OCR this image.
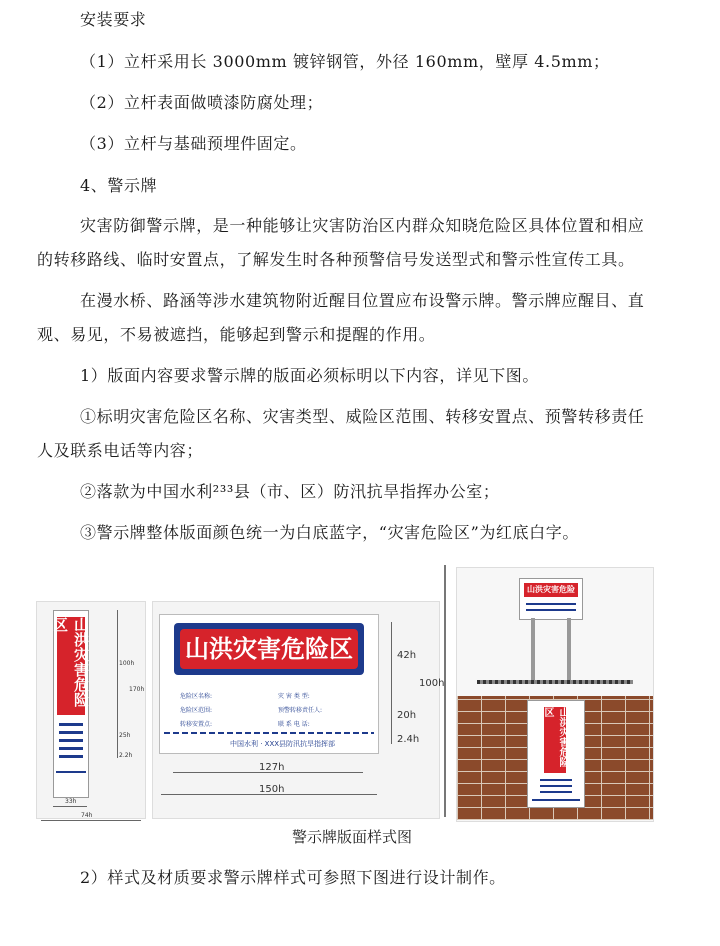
安装要求
（1）立杆采用长 3000mm 镀锌钢管，外径 160mm，壁厚 4.5mm；
（2）立杆表面做喷漆防腐处理；
（3）立杆与基础预埋件固定。
4、警示牌
灾害防御警示牌，是一种能够让灾害防治区内群众知晓危险区具体位置和相应
的转移路线、临时安置点，了解发生时各种预警信号发送型式和警示性宣传工具。
在漫水桥、路涵等涉水建筑物附近醒目位置应布设警示牌。警示牌应醒目、直
观、易见，不易被遮挡，能够起到警示和提醒的作用。
1）版面内容要求警示牌的版面必须标明以下内容，详见下图。
①标明灾害危险区名称、灾害类型、威险区范围、转移安置点、预警转移责任
人及联系电话等内容；
②落款为中国水利²³³县（市、区）防汛抗旱指挥办公室；
③警示牌整体版面颜色统一为白底蓝字，“灾害危险区”为红底白字。
山洪灾害危险区
100h
170h
25h
2.2h
33h
74h
山洪灾害危险区
危险区名称:
危险区范围:
转移安置点:
灾 害 类 型:
预警转移责任人:
联 系 电 话:
中国水利 · XXX县防汛抗旱指挥部
42h
100h
20h
2.4h
127h
150h
山洪灾害危险
山洪灾害危险区
警示牌版面样式图
2）样式及材质要求警示牌样式可参照下图进行设计制作。
